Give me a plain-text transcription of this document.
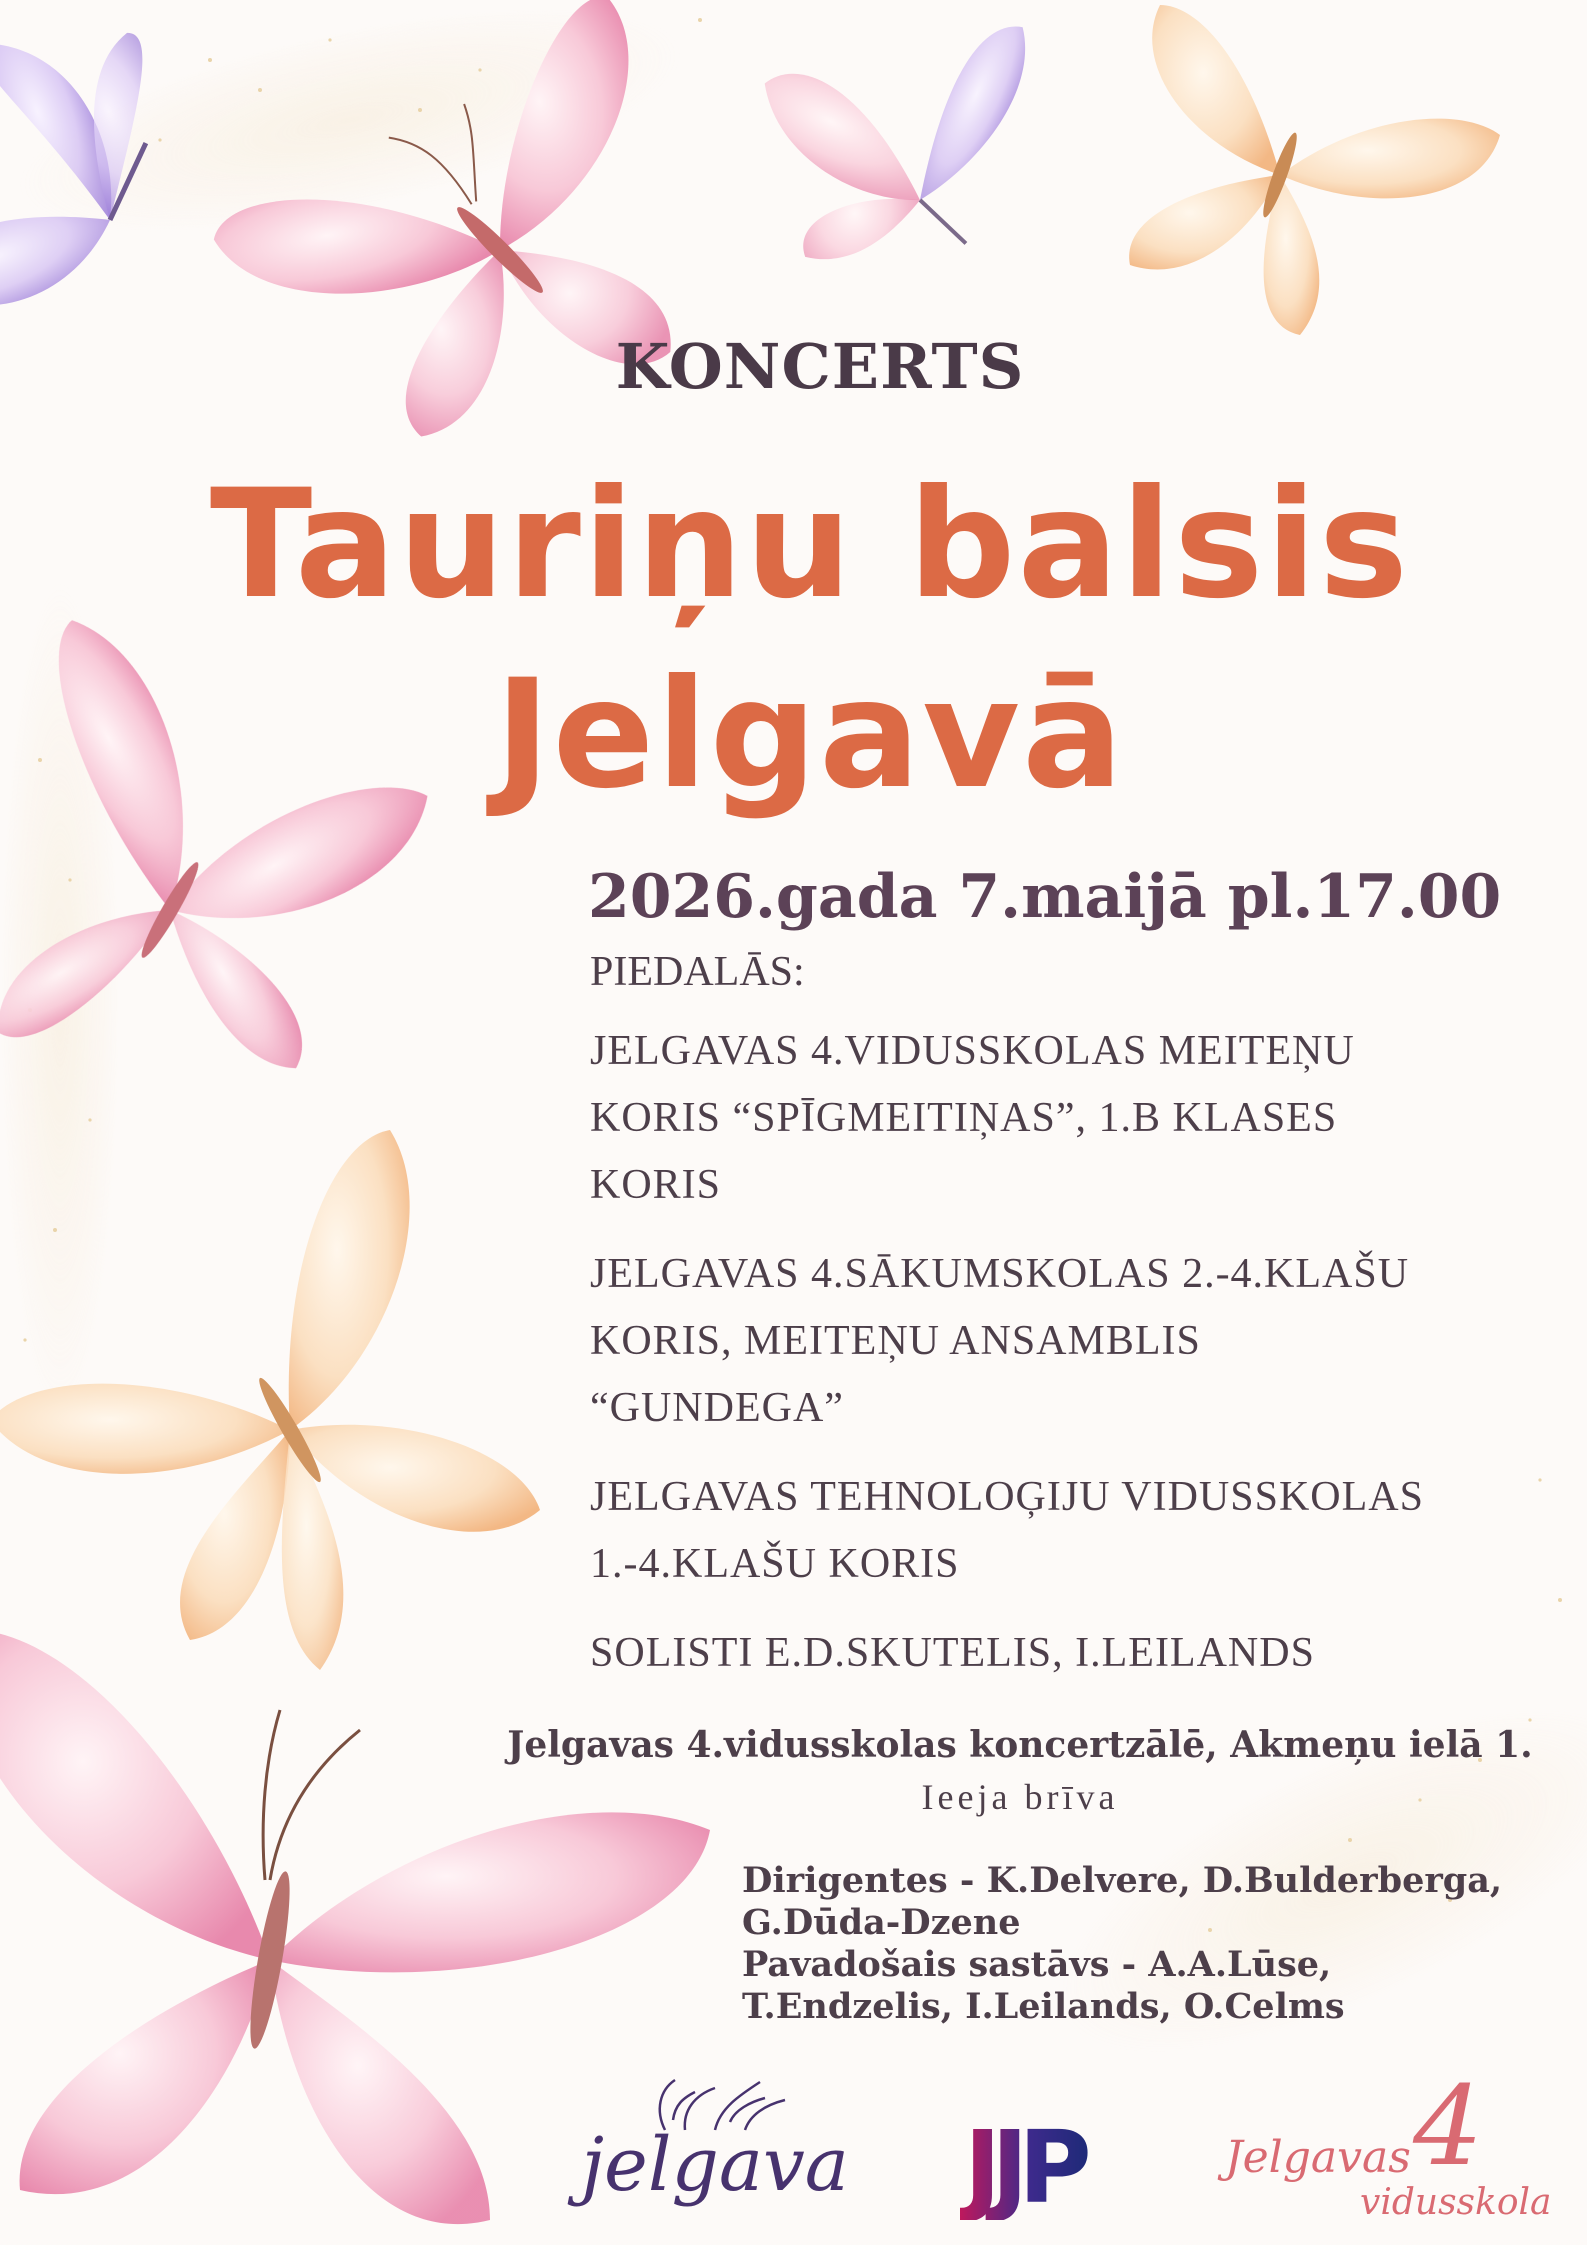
KONCERTS
Tauriņu balsis
Jelgavā
2026.gada 7.maijā pl.17.00
PIEDALĀS:
JELGAVAS 4.VIDUSSKOLAS MEITEŅU
KORIS “SPĪGMEITIŅAS”, 1.B KLASES
KORIS
JELGAVAS 4.SĀKUMSKOLAS 2.-4.KLAŠU
KORIS, MEITEŅU ANSAMBLIS
“GUNDEGA”
JELGAVAS TEHNOLOĢIJU VIDUSSKOLAS
1.-4.KLAŠU KORIS
SOLISTI E.D.SKUTELIS, I.LEILANDS
Jelgavas 4.vidusskolas koncertzālē, Akmeņu ielā 1.
Ieeja brīva
Dirigentes - K.Delvere, D.Bulderberga,
G.Dūda-Dzene
Pavadošais sastāvs - A.A.Lūse,
T.Endzelis, I.Leilands, O.Celms
jelgava JJP	4
Jelgavas
vidusskola
